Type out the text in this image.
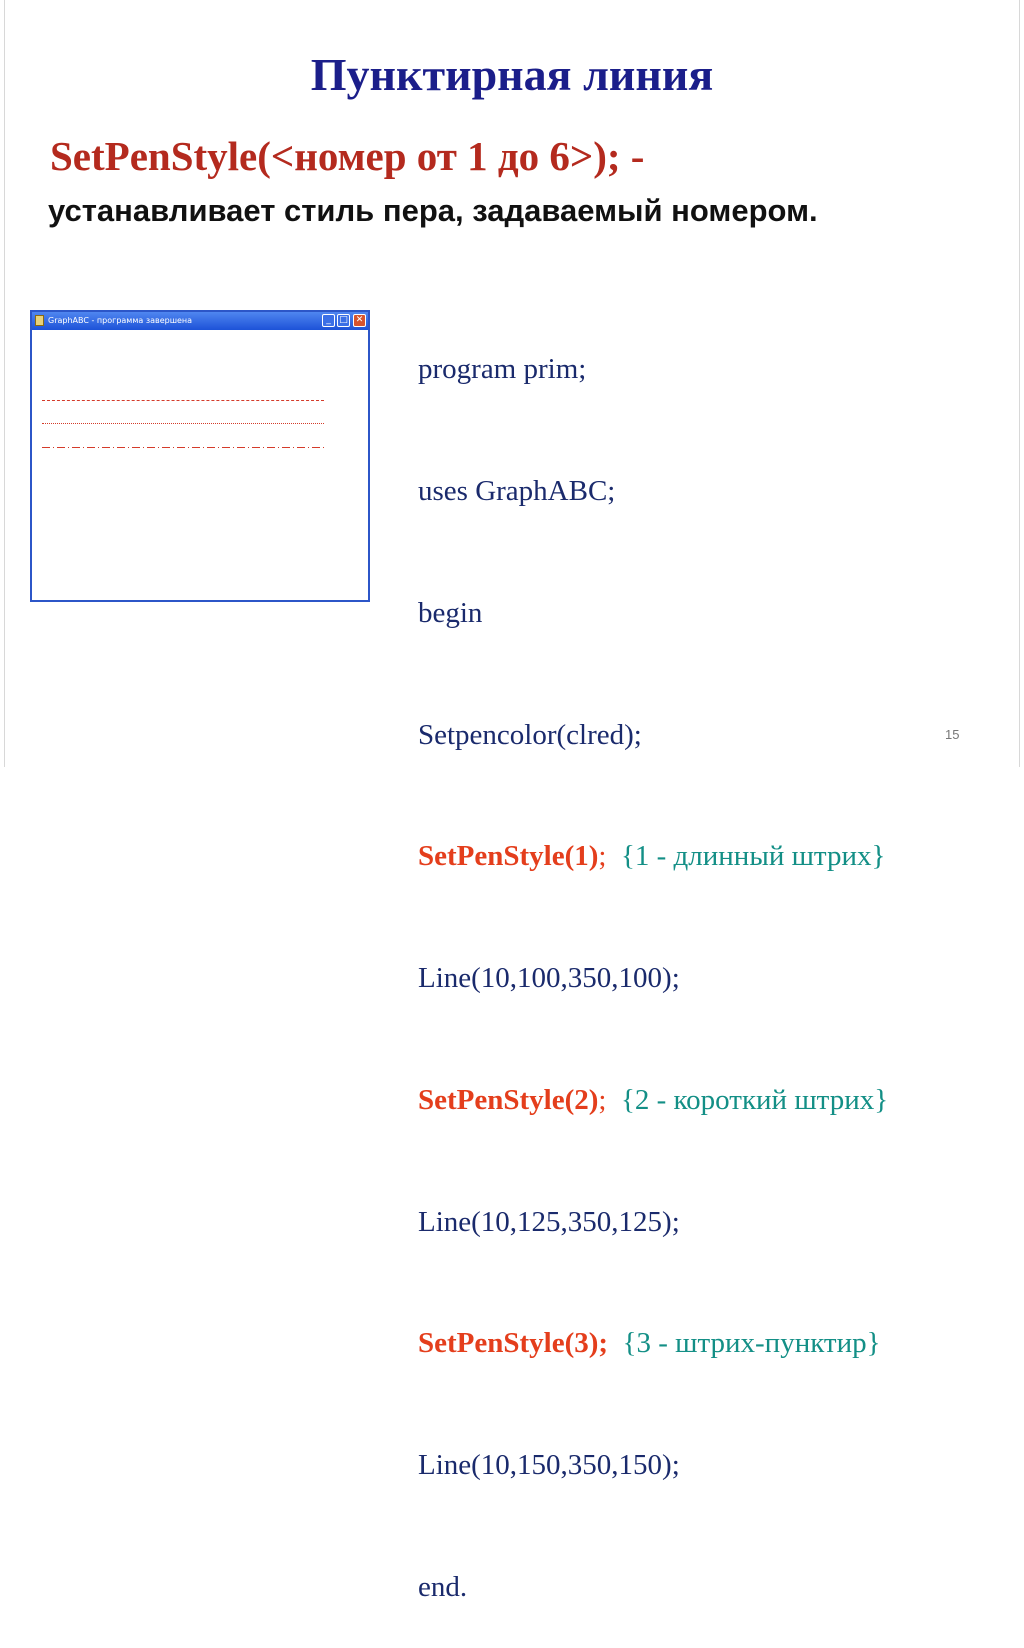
Пунктирная линия
SetPenStyle(<номер от 1 до 6>); -
устанавливает стиль пера, задаваемый номером.
GraphABC - программа завершена	_ □ ✕

program prim;

uses GraphABC;

begin

Setpencolor(clred);

SetPenStyle(1);  {1 - длинный штрих}

Line(10,100,350,100);

SetPenStyle(2);  {2 - короткий штрих}

Line(10,125,350,125);

SetPenStyle(3); {3 - штрих-пунктир}

Line(10,150,350,150);

end.

15
